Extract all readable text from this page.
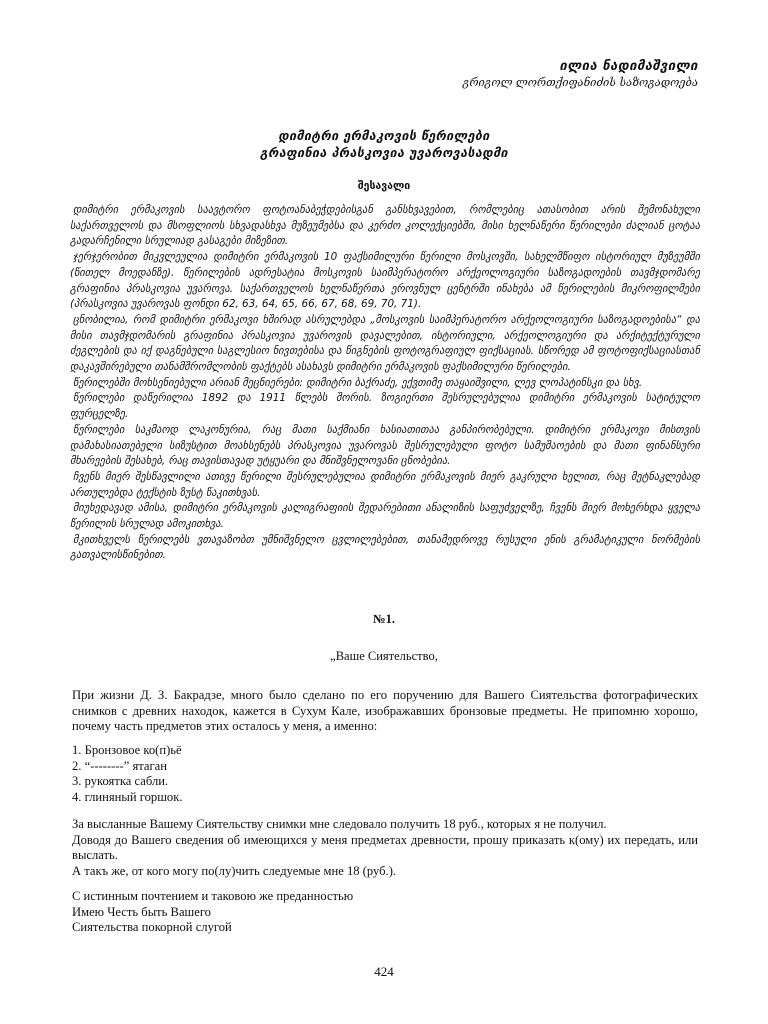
ილია ნადიმაშვილი
გრიგოლ ლორთქიფანიძის საზოგადოება
დიმიტრი ერმაკოვის წერილები
გრაფინია პრასკოვია უვაროვასადმი
შესავალი

დიმიტრი ერმაკოვის საავტორო ფოტოანაბეჭდებისგან განსხვავებით, რომლებიც ათასობით არის შემონახული საქართველოს და მსოფლიოს სხვადასხვა მუზეუმებსა და კერძო კოლექციებში, მისი ხელნაწერი წერილები ძალიან ცოტაა გადარჩენილი სრულიად გასაგები მიზეზით.

ჯერჯერობით მიკვლეულია დიმიტრი ერმაკოვის 10 ფაქსიმილური წერილი მოსკოვში, სახელმწიფო ისტორიულ მუზეუმში (წითელ მოედანზე). წერილების ადრესატია მოსკოვის საიმპერატორო არქეოლოგიური საზოგადოების თავმჯდომარე გრაფინია პრასკოვია უვაროვა. საქართველოს ხელნაწერთა ეროვნულ ცენტრში ინახება ამ წერილების მიკროფილმები (პრასკოვია უვაროვას ფონდი 62, 63, 64, 65, 66, 67, 68, 69, 70, 71).

ცნობილია, რომ დიმიტრი ერმაკოვი ხშირად ასრულებდა „მოსკოვის საიმპერატორო არქეოლოგიური საზოგადოებისა“ და მისი თავმჯდომარის გრაფინია პრასკოვია უვაროვის დავალებით, ისტორიული, არქეოლოგიური და არქიტექტურული ძეგლების და იქ დაგნებული საგლესიო ნივთებისა და წიგნების ფოტოგრაფიულ ფიქსაციას. სწორედ ამ ფოტოფიქსაციასთან დაკავშირებული თანამშრომლობის ფაქტებს ასახავს დიმიტრი ერმაკოვის ფაქსიმილური წერილები.

წერილებში მოხსენიებული არიან მეცნიერები: დიმიტრი ბაქრაძე, ექვთიმე თაყაიშვილი, ლევ ლოპატინსკი და სხვ.

წერილები დაწერილია 1892 და 1911 წლებს შორის. ზოგიერთი შესრულებულია დიმიტრი ერმაკოვის სატიტულო ფურცელზე.

წერილები საკმაოდ ლაკონურია, რაც მათი საქმიანი ხასიათითაა განპირობებული. დიმიტრი ერმაკოვი მისთვის დამახასიათებელი სიზუსტით მოახსენებს პრასკოვია უვაროვას შესრულებული ფოტო სამუშაოების და მათი ფინანსური მხარეების შესახებ, რაც თავისთავად უტყუარი და მნიშვნელოვანი ცნობებია.

ჩვენს მიერ შესწავლილი ათივე წერილი შესრულებულია დიმიტრი ერმაკოვის მიერ გაკრული ხელით, რაც მეტნაკლებად ართულებდა ტექსტის ზუსტ წაკითხვას.

მიუხედავად ამისა, დიმიტრი ერმაკოვის კალიგრაფიის შედარებითი ანალიზის საფუძველზე, ჩვენს მიერ მოხერხდა ყველა წერილის სრულად ამოკითხვა.

მკითხველს წერილებს ვთავაზობთ უმნიშვნელო ცვლილებებით, თანამედროვე რუსული ენის გრამატიკული ნორმების გათვალისწინებით.

№1.
„Ваше Сиятельство,

При жизни Д. З. Бакрадзе, много было сделано по его поручению для Вашего Сиятельства фотографических снимков с древних находок, кажется в Сухум Кале, изображавших бронзовые предметы. Не припомню хорошо, почему часть предметов этих осталось у меня, а именно:

1. Бронзовое ко(п)ьё
2. “--------” ятаган
3. рукоятка сабли.
4. глиняный горшок.

За высланные Вашему Сиятельству снимки мне следовало получить 18 руб., которых я не получил.

Доводя до Вашего сведения об имеющихся у меня предметах древности, прошу приказать к(ому) их передать, или выслать.

А такъ же, от кого могу по(лу)чить следуемые мне 18 (руб.).

С истинным почтением и таковою же преданностью
Имею Честь быть Вашего
Сиятельства покорной слугой
424
